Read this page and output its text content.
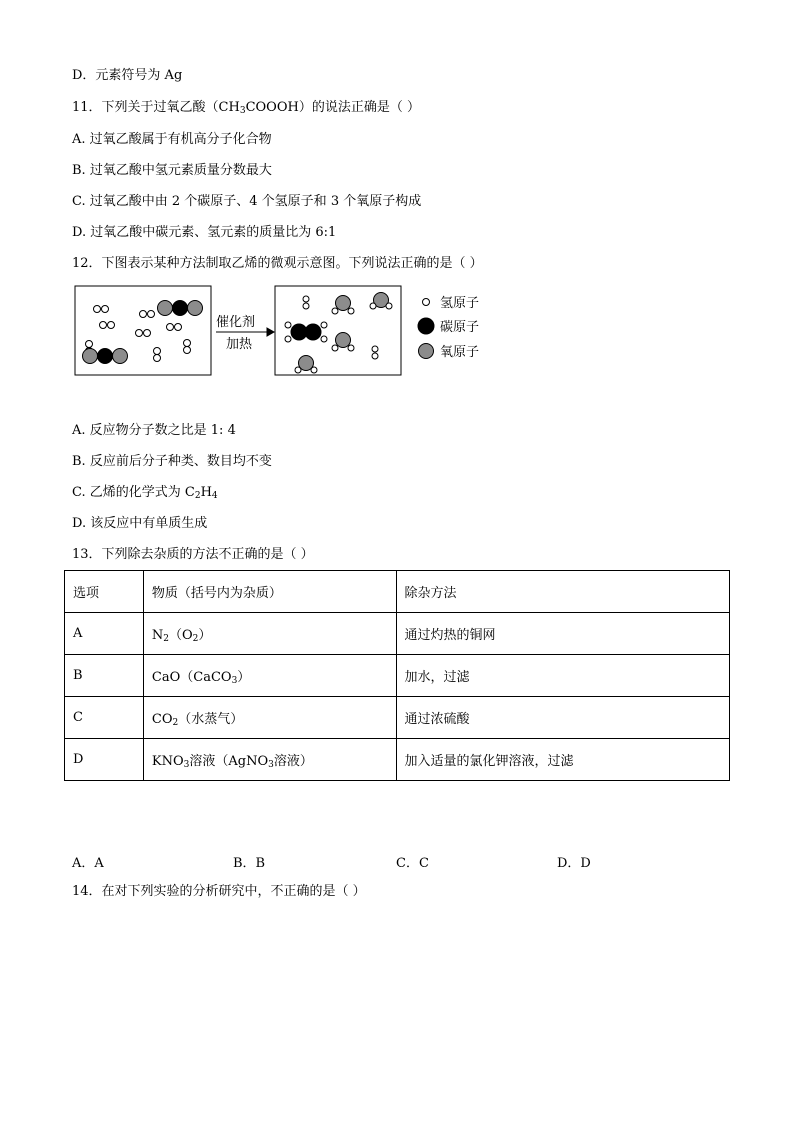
D．元素符号为 Ag
11．下列关于过氧乙酸$(CH_3COOOH)$的说法正确是（ ）
A. 过氧乙酸属于有机高分子化合物
B. 过氧乙酸中氢元素质量分数最大
C. 过氧乙酸中由 2 个碳原子、4 个氢原子和 3 个氧原子构成
D. 过氧乙酸中碳元素、氢元素的质量比为 6:1
12．下图表示某种方法制取乙烯的微观示意图。下列说法正确的是（ ）
催化剂
加热
氢原子
碳原子
氧原子
A. 反应物分子数之比是 1: 4
B. 反应前后分子种类、数目均不变
C. 乙烯的化学式为 $C_2H_4$
D. 该反应中有单质生成
13．下列除去杂质的方法不正确的是（ ）
选项	物质（括号内为杂质）	除杂方法
A	$N_2(O_2)$	通过灼热的铜网
B	CaO（CaCO$_3$）	加水，过滤
C	$CO_2$（水蒸气）	通过浓硫酸
D	$KNO_3$溶液（AgNO$_3$溶液）	加入适量的氯化钾溶液，过滤
A．A	B．B	C．C	D．D
14．在对下列实验的分析研究中，不正确的是（ ）
